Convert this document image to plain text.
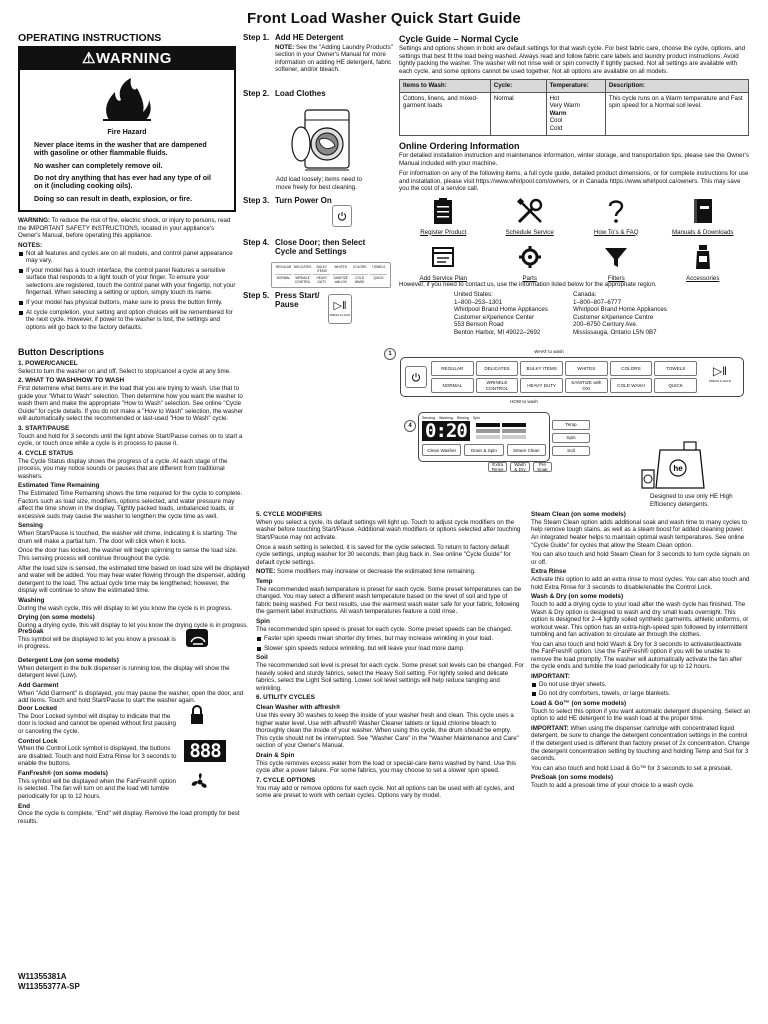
Front Load Washer Quick Start Guide
OPERATING INSTRUCTIONS
⚠WARNING
Fire Hazard
Never place items in the washer that are dampened with gasoline or other flammable fluids.
No washer can completely remove oil.
Do not dry anything that has ever had any type of oil on it (including cooking oils).
Doing so can result in death, explosion, or fire.

WARNING: To reduce the risk of fire, electric shock, or injury to persons, read the IMPORTANT SAFETY INSTRUCTIONS, located in your appliance's Owner's Manual, before operating this appliance.

NOTES:
Not all features and cycles are on all models, and control panel appearance may vary.
If your model has a touch interface, the control panel features a sensitive surface that responds to a light touch of your finger. To ensure your selections are registered, touch the control panel with your fingertip, not your fingernail. When selecting a setting or option, simply touch its name.
If your model has physical buttons, make sure to press the button firmly.
At cycle completion, your setting and option choices will be remembered for the next cycle. However, if power to the washer is lost, the settings and options will go back to the factory defaults.
Step 1. Add HE Detergent

NOTE: See the "Adding Laundry Products" section in your Owner's Manual for more information on adding HE detergent, fabric softener, and/or bleach.

Step 2. Load Clothes
Add load loosely; items need to move freely for best cleaning.
Step 3. Turn Power On
Step 4. Close Door; then Select Cycle and Settings
REGULAR DELICATES	BULKY ITEMS
WHITES	COLORS	TOWELS
NORMAL	WRINKLE CONTROL
HEAVY DUTY
SANITIZE with OXI
COLD WASH
QUICK
Step 5. Press Start/ Pause	▷‖
PRESS & HOLD
Cycle Guide – Normal Cycle

Settings and options shown in bold are default settings for that wash cycle. For best fabric care, choose the cycle, options, and settings that best fit the load being washed. Always read and follow fabric care labels and laundry product instructions. Avoid tightly packing the washer. The washer will not rinse well or spin correctly if tightly packed. Not all settings are available with each cycle, and some options cannot be used together. Not all options are available on all models.

Items to Wash:	Cycle:	Temperature:	Description:
Cottons, linens, and mixed-garment loads	Normal	Hot
Very Warm
Warm
Cool
Cold	This cycle runs on a Warm temperature and Fast spin speed for a Normal soil level.
Online Ordering Information

For detailed installation instruction and maintenance information, winter storage, and transportation tips, please see the Owner's Manual included with your machine.

For information on any of the following items, a full cycle guide, detailed product dimensions, or for complete instructions for use and installation, please visit https://www.whirlpool.com/owners, or in Canada https://www.whirlpool.ca/owners. This may save you the cost of a service call.

Register Product	Schedule Service	How To's & FAQ	Manuals & Downloads
Add Service Plan	Parts	Filters	Accessories

However, if you need to contact us, use the information listed below for the appropriate region.

United States:
1–800–253–1301
Whirlpool Brand Home Appliances
Customer eXperience Center
553 Benson Road
Benton Harbor, MI 49022–2692
Canada:
1–800–807–6777
Whirlpool Brand Home Appliances
Customer eXperience Centre
200–6750 Century Ave.
Mississauga, Ontario L5N 0B7
1	WHAT to wash
REGULAR	DELICATES	BULKY ITEMS	WHITES	COLORS	TOWELS
NORMAL
WRINKLE CONTROL
HEAVY DUTY
SANITIZE with OXI
COLD WASH	QUICK
▷‖
PRESS & HOLD
HOW to wash
4
Sensing Washing Rinsing Spin
0:20
Clean Washer	Drain & Spin	Steam Clean
Temp
Spin
Soil
Extra Rinse
Wash & Dry
Pre Soak	he
Designed to use only HE High Efficiency detergents.
Button Descriptions
1. POWER/CANCEL

Select to turn the washer on and off. Select to stop/cancel a cycle at any time.

2. WHAT TO WASH/HOW TO WASH

First determine what items are in the load that you are trying to wash. Use that to guide your "What to Wash" selection. Then determine how you want the washer to wash them and make the appropriate "How to Wash" selection. See online "Cycle Guide" for cycle details. If you do not make a "How to Wash" selection, the washer will automatically select the recommended or last-used "How to Wash" cycle.

3. START/PAUSE

Touch and hold for 3 seconds until the light above Start/Pause comes on to start a cycle, or touch once while a cycle is in process to pause it.

4. CYCLE STATUS

The Cycle Status display shows the progress of a cycle. At each stage of the process, you may notice sounds or pauses that are different from traditional washers.

Estimated Time Remaining

The Estimated Time Remaining shows the time required for the cycle to complete. Factors such as load size, modifiers, options selected, and water pressure may affect the time shown in the display. Tightly packed loads, unbalanced loads, or excessive suds may cause the washer to lengthen the cycle time as well.

Sensing

When Start/Pause is touched, the washer will chime, indicating it is starting. The drum will make a partial turn. The door will click when it locks.

Once the door has locked, the washer will begin spinning to sense the load size. This sensing process will continue throughout the cycle.

After the load size is sensed, the estimated time based on load size will be displayed and water will be added. You may hear water flowing through the dispenser, adding detergent to the load. The actual cycle time may be lengthened; however, the display will continue to show the estimated time.

Washing

During the wash cycle, this will display to let you know the cycle is in progress.

Drying (on some models)

During a drying cycle, this will display to let you know the drying cycle is in progress.

PreSoak

This symbol will be displayed to let you know a presoak is in progress.

Detergent Low (on some models)

When detergent in the bulk dispenser is running low, the display will show the detergent level (Low).

Add Garment

When "Add Garment" is displayed, you may pause the washer, open the door, and add items. Touch and hold Start/Pause to start the washer again.

Door Locked

The Door Locked symbol will display to indicate that the door is locked and cannot be opened without first pausing or canceling the cycle.

Control Lock

When the Control Lock symbol is displayed, the buttons are disabled. Touch and hold Extra Rinse for 3 seconds to enable the buttons.

FanFresh® (on some models)

This symbol will be displayed when the FanFresh® option is selected. The fan will turn on and the load will tumble periodically for up to 12 hours.

End

Once the cycle is complete, "End" will display. Remove the load promptly for best results.

888
5. CYCLE MODIFIERS

When you select a cycle, its default settings will light up. Touch to adjust cycle modifiers on the washer before touching Start/Pause. Additional wash modifiers or options selected after touching Start/Pause may not activate.

Once a wash setting is selected, it is saved for the cycle selected. To return to factory default cycle settings, unplug washer for 30 seconds; then plug back in. See online "Cycle Guide" for default cycle settings.

NOTE: Some modifiers may increase or decrease the estimated time remaining.

Temp

The recommended wash temperature is preset for each cycle. Some preset temperatures can be changed. You may select a different wash temperature based on the level of soil and type of fabric being washed. For best results, use the warmest wash water safe for your fabric, following the garment label instructions. All wash temperatures feature a cold rinse.

Spin

The recommended spin speed is preset for each cycle. Some preset speeds can be changed.

Faster spin speeds mean shorter dry times, but may increase wrinkling in your load.
Slower spin speeds reduce wrinkling, but will leave your load more damp.
Soil

The recommended soil level is preset for each cycle. Some preset soil levels can be changed. For heavily soiled and sturdy fabrics, select the Heavy Soil setting. For lightly soiled and delicate fabrics, select the Light Soil setting. Lower soil level settings will help reduce tangling and wrinkling.

6. UTILITY CYCLES
Clean Washer with affresh®

Use this every 30 washes to keep the inside of your washer fresh and clean. This cycle uses a higher water level. Use with affresh® Washer Cleaner tablets or liquid chlorine bleach to thoroughly clean the inside of your washer. When using this cycle, the drum should be empty. This cycle should not be interrupted. See "Washer Care" in the "Washer Maintenance and Care" section of your Owner's Manual.

Drain & Spin

This cycle removes excess water from the load or special-care items washed by hand. Use this cycle after a power failure. For some fabrics, you may choose to set a slower spin speed.

7. CYCLE OPTIONS

You may add or remove options for each cycle. Not all options can be used with all cycles, and some are preset to work with certain cycles. Options vary by model.

Steam Clean (on some models)

The Steam Clean option adds additional soak and wash time to many cycles to help remove tough stains, as well as a steam boost for added cleaning power. An integrated heater helps to maintain optimal wash temperatures. See online "Cycle Guide" for cycles that allow the Steam Clean option.

You can also touch and hold Steam Clean for 3 seconds to turn cycle signals on or off.

Extra Rinse

Activate this option to add an extra rinse to most cycles. You can also touch and hold Extra Rinse for 3 seconds to disable/enable the Control Lock.

Wash & Dry (on some models)

Touch to add a drying cycle to your load after the wash cycle has finished. The Wash & Dry option is designed to wash and dry small loads overnight. This option is designed for 2–4 lightly soiled synthetic garments, athletic uniforms, or workout wear. This option has an extra-high-speed spin followed by intermittent tumbling and fan activation to circulate air through the clothes.

You can also touch and hold Wash & Dry for 3 seconds to activate/deactivate the FanFresh® option. Use the FanFresh® option if you will be unable to remove the load promptly. The washer will automatically activate the fan after the cycle ends and tumble the load periodically for up to 12 hours.

IMPORTANT:
Do not use dryer sheets.
Do not dry comforters, towels, or large blankets.
Load & Go™ (on some models)

Touch to select this option if you want automatic detergent dispensing. Select an option to add HE detergent to the wash load at the proper time.

IMPORTANT: When using the dispenser cartridge with concentrated liquid detergent, be sure to change the detergent concentration settings in the control if the detergent used is different than factory preset of 2x concentration. Change the detergent concentration setting by touching and holding Temp and Soil for 3 seconds.

You can also touch and hold Load & Go™ for 3 seconds to set a presoak.

PreSoak (on some models)

Touch to add a presoak time of your choice to a wash cycle.

W11355381A
W11355377A-SP
